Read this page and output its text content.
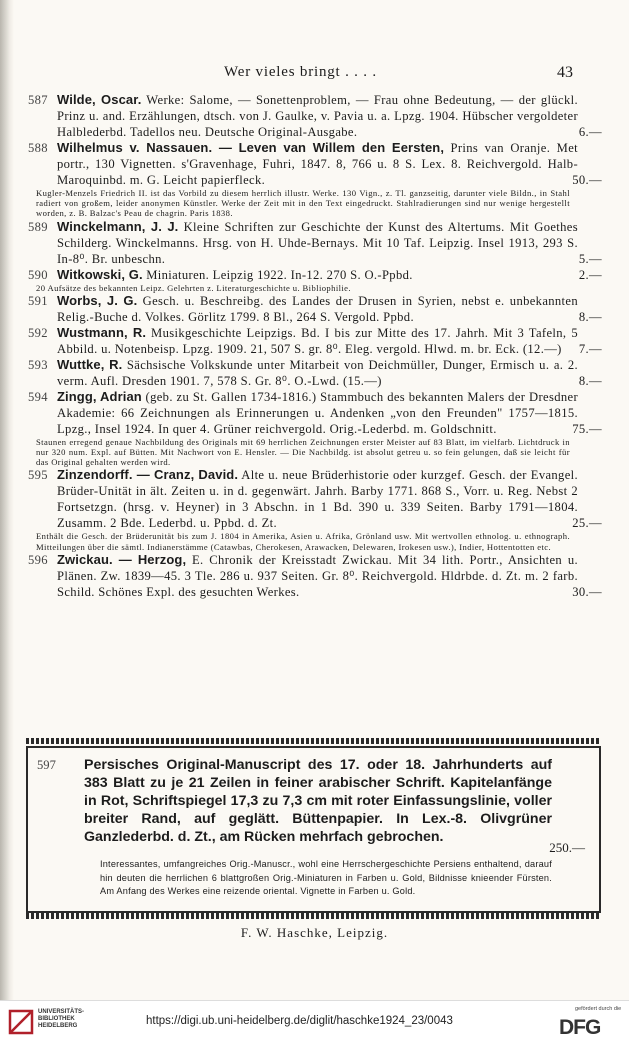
Wer vieles bringt . . . .	43
587 Wilde, Oscar. Werke: Salome, — Sonettenproblem, — Frau ohne Bedeutung, — der glückl. Prinz u. and. Erzählungen, dtsch. von J. Gaulke, v. Pavia u. a. Lpzg. 1904. Hübscher vergoldeter Halblederbd. Tadellos neu. Deutsche Original-Ausgabe.	6.—
588 Wilhelmus v. Nassauen. — Leven van Willem den Eersten, Prins van Oranje. Met portr., 130 Vignetten. s'Gravenhage, Fuhri, 1847. 8, 766 u. 8 S. Lex. 8. Reichvergold. Halb-Maroquinbd. m. G. Leicht papierfleck.	50.—
Kugler-Menzels Friedrich II. ist das Vorbild zu diesem herrlich illustr. Werke. 130 Vign., z. Tl. ganzseitig, darunter viele Bildn., in Stahl radiert von großem, leider anonymen Künstler. Werke der Zeit mit in den Text eingedruckt. Stahlradierungen sind nur wenige hergestellt worden, z. B. Balzac's Peau de chagrin. Paris 1838.
589 Winckelmann, J. J. Kleine Schriften zur Geschichte der Kunst des Altertums. Mit Goethes Schilderg. Winckelmanns. Hrsg. von H. Uhde-Bernays. Mit 10 Taf. Leipzig. Insel 1913, 293 S. In-8⁰. Br. unbeschn.	5.—
590 Witkowski, G. Miniaturen. Leipzig 1922. In-12. 270 S. O.-Ppbd.	2.—
20 Aufsätze des bekannten Leipz. Gelehrten z. Literaturgeschichte u. Bibliophilie.
591 Worbs, J. G. Gesch. u. Beschreibg. des Landes der Drusen in Syrien, nebst e. unbekannten Relig.-Buche d. Volkes. Görlitz 1799. 8 Bl., 264 S. Vergold. Ppbd.	8.—
592 Wustmann, R. Musikgeschichte Leipzigs. Bd. I bis zur Mitte des 17. Jahrh. Mit 3 Tafeln, 5 Abbild. u. Notenbeisp. Lpzg. 1909. 21, 507 S. gr. 8⁰. Eleg. vergold. Hlwd. m. br. Eck. (12.—) 7.—
593 Wuttke, R. Sächsische Volkskunde unter Mitarbeit von Deichmüller, Dunger, Ermisch u. a. 2. verm. Aufl. Dresden 1901. 7, 578 S. Gr. 8⁰. O.-Lwd. (15.—)	8.—
594 Zingg, Adrian (geb. zu St. Gallen 1734-1816.) Stammbuch des bekannten Malers der Dresdner Akademie: 66 Zeichnungen als Erinnerungen u. Andenken „von den Freunden" 1757—1815. Lpzg., Insel 1924. In quer 4. Grüner reichvergold. Orig.-Lederbd. m. Goldschnitt.	75.—
Staunen erregend genaue Nachbildung des Originals mit 69 herrlichen Zeichnungen erster Meister auf 83 Blatt, im vielfarb. Lichtdruck in nur 320 num. Expl. auf Bütten. Mit Nachwort von E. Hensler. — Die Nachbildg. ist absolut getreu u. so fein gelungen, daß sie leicht für das Original gehalten werden wird.
595 Zinzendorff. — Cranz, David. Alte u. neue Brüderhistorie oder kurzgef. Gesch. der Evangel. Brüder-Unität in ält. Zeiten u. in d. gegenwärt. Jahrh. Barby 1771. 868 S., Vorr. u. Reg. Nebst 2 Fortsetzgn. (hrsg. v. Heyner) in 3 Abschn. in 1 Bd. 390 u. 339 Seiten. Barby 1791—1804. Zusamm. 2 Bde. Lederbd. u. Ppbd. d. Zt.	25.—
Enthält die Gesch. der Brüderunität bis zum J. 1804 in Amerika, Asien u. Afrika, Grönland usw. Mit wertvollen ethnolog. u. ethnograph. Mitteilungen über die sämtl. Indianerstämme (Catawbas, Cherokesen, Arawacken, Delewaren, Irokesen usw.), Indier, Hottentotten etc.
596 Zwickau. — Herzog, E. Chronik der Kreisstadt Zwickau. Mit 34 lith. Portr., Ansichten u. Plänen. Zw. 1839—45. 3 Tle. 286 u. 937 Seiten. Gr. 8⁰. Reichvergold. Hldrbde. d. Zt. m. 2 farb. Schild. Schönes Expl. des gesuchten Werkes.	30.—
597 Persisches Original-Manuscript des 17. oder 18. Jahrhunderts auf 383 Blatt zu je 21 Zeilen in feiner arabischer Schrift. Kapitelanfänge in Rot, Schriftspiegel 17,3 zu 7,3 cm mit roter Einfassungslinie, voller breiter Rand, auf geglätt. Büttenpapier. In Lex.-8. Olivgrüner Ganzlederbd. d. Zt., am Rücken mehrfach gebrochen.
250.—
Interessantes, umfangreiches Orig.-Manuscr., wohl eine Herrschergeschichte Persiens enthaltend, darauf hin deuten die herrlichen 6 blattgroßen Orig.-Miniaturen in Farben u. Gold, Bildnisse knieender Fürsten. Am Anfang des Werkes eine reizende oriental. Vignette in Farben u. Gold.
F. W. Haschke, Leipzig.
UNIVERSITÄTS-
BIBLIOTHEK
HEIDELBERG	https://digi.ub.uni-heidelberg.de/diglit/haschke1924_23/0043
gefördert durch die
DFG
